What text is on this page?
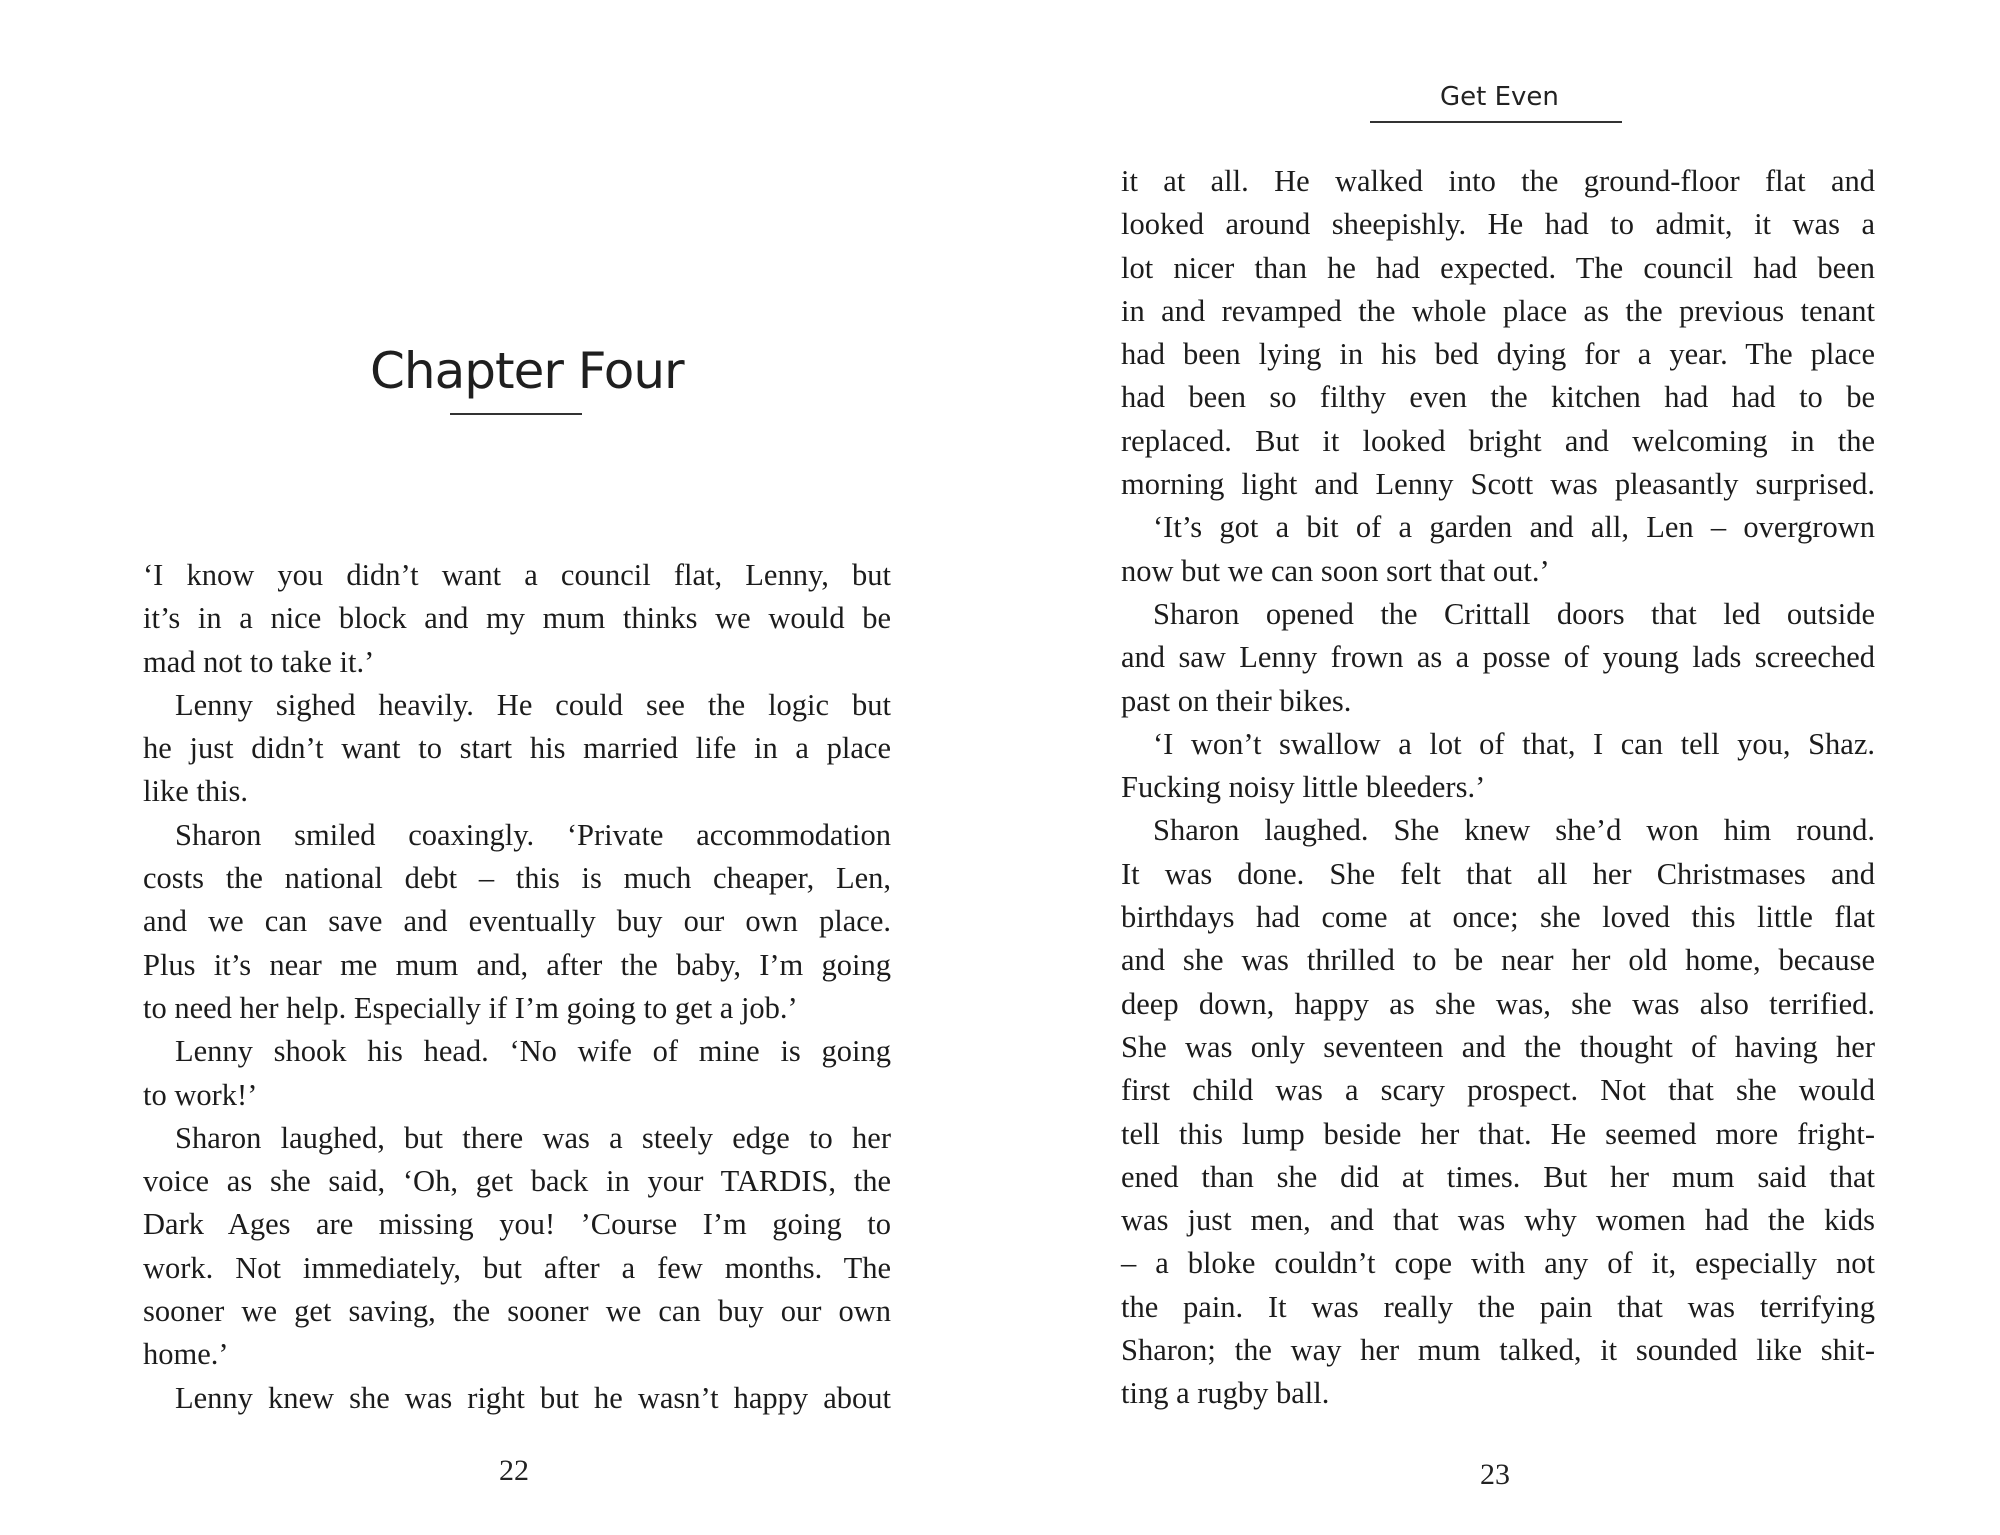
Chapter Four
‘I know you didn’t want a council flat, Lenny, but
it’s in a nice block and my mum thinks we would be
mad not to take it.’
Lenny sighed heavily. He could see the logic but
he just didn’t want to start his married life in a place
like this.
Sharon smiled coaxingly. ‘Private accommodation
costs the national debt – this is much cheaper, Len,
and we can save and eventually buy our own place.
Plus it’s near me mum and, after the baby, I’m going
to need her help. Especially if I’m going to get a job.’
Lenny shook his head. ‘No wife of mine is going
to work!’
Sharon laughed, but there was a steely edge to her
voice as she said, ‘Oh, get back in your TARDIS, the
Dark Ages are missing you! ’Course I’m going to
work. Not immediately, but after a few months. The
sooner we get saving, the sooner we can buy our own
home.’
Lenny knew she was right but he wasn’t happy about
22
Get Even
it at all. He walked into the ground-floor flat and
looked around sheepishly. He had to admit, it was a
lot nicer than he had expected. The council had been
in and revamped the whole place as the previous tenant
had been lying in his bed dying for a year. The place
had been so filthy even the kitchen had had to be
replaced. But it looked bright and welcoming in the
morning light and Lenny Scott was pleasantly surprised.
‘It’s got a bit of a garden and all, Len – overgrown
now but we can soon sort that out.’
Sharon opened the Crittall doors that led outside
and saw Lenny frown as a posse of young lads screeched
past on their bikes.
‘I won’t swallow a lot of that, I can tell you, Shaz.
Fucking noisy little bleeders.’
Sharon laughed. She knew she’d won him round.
It was done. She felt that all her Christmases and
birthdays had come at once; she loved this little flat
and she was thrilled to be near her old home, because
deep down, happy as she was, she was also terrified.
She was only seventeen and the thought of having her
first child was a scary prospect. Not that she would
tell this lump beside her that. He seemed more fright-
ened than she did at times. But her mum said that
was just men, and that was why women had the kids
– a bloke couldn’t cope with any of it, especially not
the pain. It was really the pain that was terrifying
Sharon; the way her mum talked, it sounded like shit-
ting a rugby ball.
23
